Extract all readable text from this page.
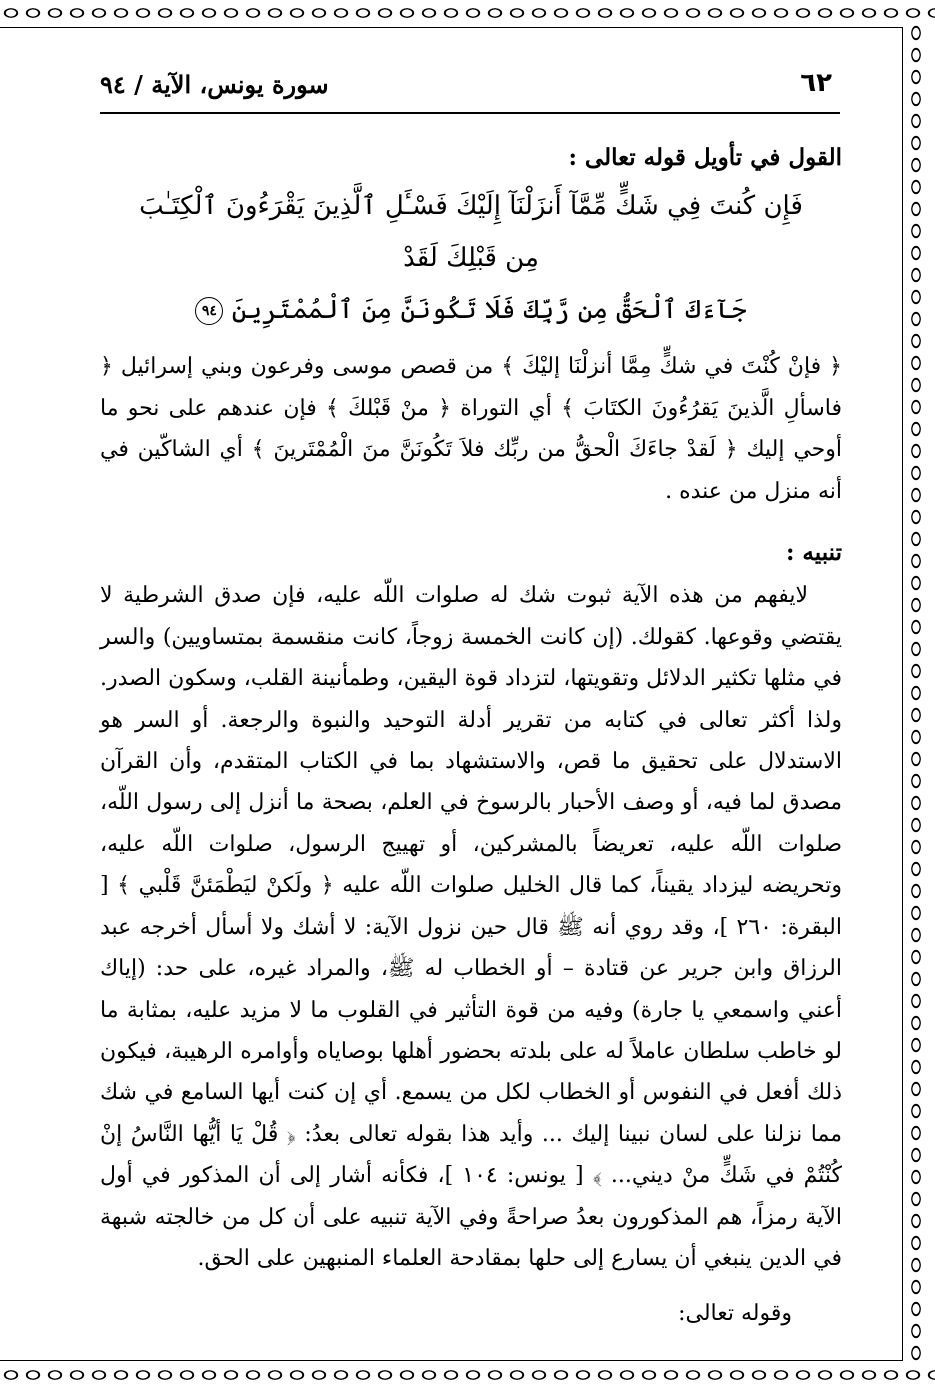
٦٢
سورة يونس، الآية / ٩٤
القول في تأويل قوله تعالى :
فَإِن كُنتَ فِي شَكٍّ مِّمَّآ أَنزَلْنَآ إِلَيْكَ فَسْـَٔلِ ٱلَّذِينَ يَقْرَءُونَ ٱلْكِتَـٰبَ مِن قَبْلِكَ لَقَدْ
جَآءَكَ ٱلْحَقُّ مِن رَّبِّكَ فَلَا تَكُونَنَّ مِنَ ٱلْمُمْتَرِينَ ٩٤

﴿ فإنْ كُنْتَ في شكٍّ مِمَّا أنزلْنَا إليْكَ ﴾ من قصص موسى وفرعون وبني إسرائيل ﴿ فاسألِ الَّذينَ يَقرُءُونَ الكتَابَ ﴾ أي التوراة ﴿ منْ قَبْلكَ ﴾ فإن عندهم على نحو ما أوحي إليك ﴿ لَقدْ جاءَكَ الْحقُّ من ربِّك فلاَ تَكُونَنَّ منَ الْمُمْتَرينَ ﴾ أي الشاكّين في أنه منزل من عنده .

تنبيه :

لايفهم من هذه الآية ثبوت شك له صلوات اللّه عليه، فإن صدق الشرطية لا يقتضي وقوعها. كقولك. (إن كانت الخمسة زوجاً، كانت منقسمة بمتساويين) والسر في مثلها تكثير الدلائل وتقويتها، لتزداد قوة اليقين، وطمأنينة القلب، وسكون الصدر. ولذا أكثر تعالى في كتابه من تقرير أدلة التوحيد والنبوة والرجعة. أو السر هو الاستدلال على تحقيق ما قص، والاستشهاد بما في الكتاب المتقدم، وأن القرآن مصدق لما فيه، أو وصف الأحبار بالرسوخ في العلم، بصحة ما أنزل إلى رسول اللّه، صلوات اللّه عليه، تعريضاً بالمشركين، أو تهييج الرسول، صلوات اللّه عليه، وتحريضه ليزداد يقيناً، كما قال الخليل صلوات اللّه عليه ﴿ ولَكنْ ليَطْمَئنَّ قَلْبي ﴾ [ البقرة: ٢٦٠ ]، وقد روي أنه ﷺ قال حين نزول الآية: لا أشك ولا أسأل أخرجه عبد الرزاق وابن جرير عن قتادة – أو الخطاب له ﷺ، والمراد غيره، على حد: (إياك أعني واسمعي يا جارة) وفيه من قوة التأثير في القلوب ما لا مزيد عليه، بمثابة ما لو خاطب سلطان عاملاً له على بلدته بحضور أهلها بوصاياه وأوامره الرهيبة، فيكون ذلك أفعل في النفوس أو الخطاب لكل من يسمع. أي إن كنت أيها السامع في شك مما نزلنا على لسان نبينا إليك ... وأيد هذا بقوله تعالى بعدُ: ﴿ قُلْ يَا أيُّها النَّاسُ إنْ كُنْتُمْ في شَكٍّ منْ ديني... ﴾ [ يونس: ١٠٤ ]، فكأنه أشار إلى أن المذكور في أول الآية رمزاً، هم المذكورون بعدُ صراحةً وفي الآية تنبيه على أن كل من خالجته شبهة في الدين ينبغي أن يسارع إلى حلها بمقادحة العلماء المنبهين على الحق.

وقوله تعالى:
